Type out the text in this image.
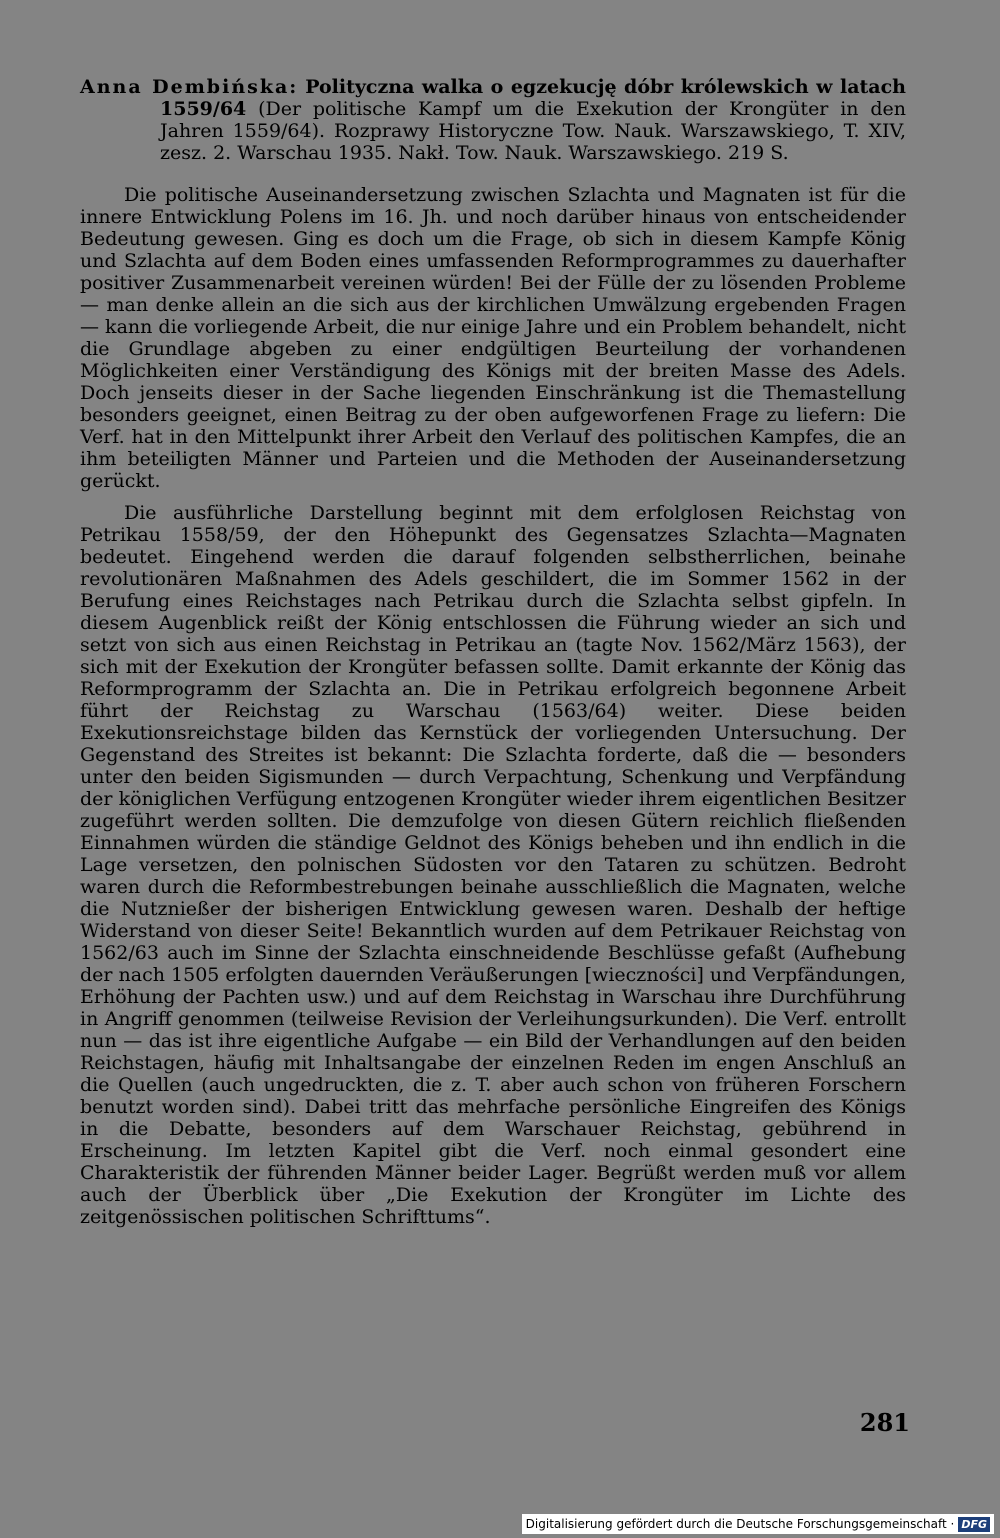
Anna Dembińska: Polityczna walka o egzekucję dóbr królewskich w latach 1559/64 (Der politische Kampf um die Exekution der Krongüter in den Jahren 1559/64). Rozprawy Historyczne Tow. Nauk. Warszawskiego, T. XIV, zesz. 2. Warschau 1935. Nakł. Tow. Nauk. Warszawskiego. 219 S.

Die politische Auseinandersetzung zwischen Szlachta und Magnaten ist für die innere Entwicklung Polens im 16. Jh. und noch darüber hinaus von entscheidender Bedeutung gewesen. Ging es doch um die Frage, ob sich in diesem Kampfe König und Szlachta auf dem Boden eines umfassenden Reformprogrammes zu dauerhafter positiver Zusammenarbeit vereinen würden! Bei der Fülle der zu lösenden Probleme — man denke allein an die sich aus der kirchlichen Umwälzung ergebenden Fragen — kann die vorliegende Arbeit, die nur einige Jahre und ein Problem behandelt, nicht die Grundlage abgeben zu einer endgültigen Beurteilung der vorhandenen Möglichkeiten einer Verständigung des Königs mit der breiten Masse des Adels. Doch jenseits dieser in der Sache liegenden Einschränkung ist die Themastellung besonders geeignet, einen Beitrag zu der oben aufgeworfenen Frage zu liefern: Die Verf. hat in den Mittelpunkt ihrer Arbeit den Verlauf des politischen Kampfes, die an ihm beteiligten Männer und Parteien und die Methoden der Auseinandersetzung gerückt.

Die ausführliche Darstellung beginnt mit dem erfolglosen Reichstag von Petrikau 1558/59, der den Höhepunkt des Gegensatzes Szlachta—Magnaten bedeutet. Eingehend werden die darauf folgenden selbstherrlichen, beinahe revolutionären Maßnahmen des Adels geschildert, die im Sommer 1562 in der Berufung eines Reichstages nach Petrikau durch die Szlachta selbst gipfeln. In diesem Augenblick reißt der König entschlossen die Führung wieder an sich und setzt von sich aus einen Reichstag in Petrikau an (tagte Nov. 1562/März 1563), der sich mit der Exekution der Krongüter befassen sollte. Damit erkannte der König das Reformprogramm der Szlachta an. Die in Petrikau erfolgreich begonnene Arbeit führt der Reichstag zu Warschau (1563/64) weiter. Diese beiden Exekutionsreichstage bilden das Kernstück der vorliegenden Untersuchung. Der Gegenstand des Streites ist bekannt: Die Szlachta forderte, daß die — besonders unter den beiden Sigismunden — durch Verpachtung, Schenkung und Verpfändung der königlichen Verfügung entzogenen Krongüter wieder ihrem eigentlichen Besitzer zugeführt werden sollten. Die demzufolge von diesen Gütern reichlich fließenden Einnahmen würden die ständige Geldnot des Königs beheben und ihn endlich in die Lage versetzen, den polnischen Südosten vor den Tataren zu schützen. Bedroht waren durch die Reformbestrebungen beinahe ausschließlich die Magnaten, welche die Nutznießer der bisherigen Entwicklung gewesen waren. Deshalb der heftige Widerstand von dieser Seite! Bekanntlich wurden auf dem Petrikauer Reichstag von 1562/63 auch im Sinne der Szlachta einschneidende Beschlüsse gefaßt (Aufhebung der nach 1505 erfolgten dauernden Veräußerungen [wieczności] und Verpfändungen, Erhöhung der Pachten usw.) und auf dem Reichstag in Warschau ihre Durchführung in Angriff genommen (teilweise Revision der Verleihungsurkunden). Die Verf. entrollt nun — das ist ihre eigentliche Aufgabe — ein Bild der Verhandlungen auf den beiden Reichstagen, häufig mit Inhaltsangabe der einzelnen Reden im engen Anschluß an die Quellen (auch ungedruckten, die z. T. aber auch schon von früheren Forschern benutzt worden sind). Dabei tritt das mehrfache persönliche Eingreifen des Königs in die Debatte, besonders auf dem Warschauer Reichstag, gebührend in Erscheinung. Im letzten Kapitel gibt die Verf. noch einmal gesondert eine Charakteristik der führenden Männer beider Lager. Begrüßt werden muß vor allem auch der Überblick über „Die Exekution der Krongüter im Lichte des zeitgenössischen politischen Schrifttums“.

281
Digitalisierung gefördert durch die Deutsche Forschungsgemeinschaft · DFG
